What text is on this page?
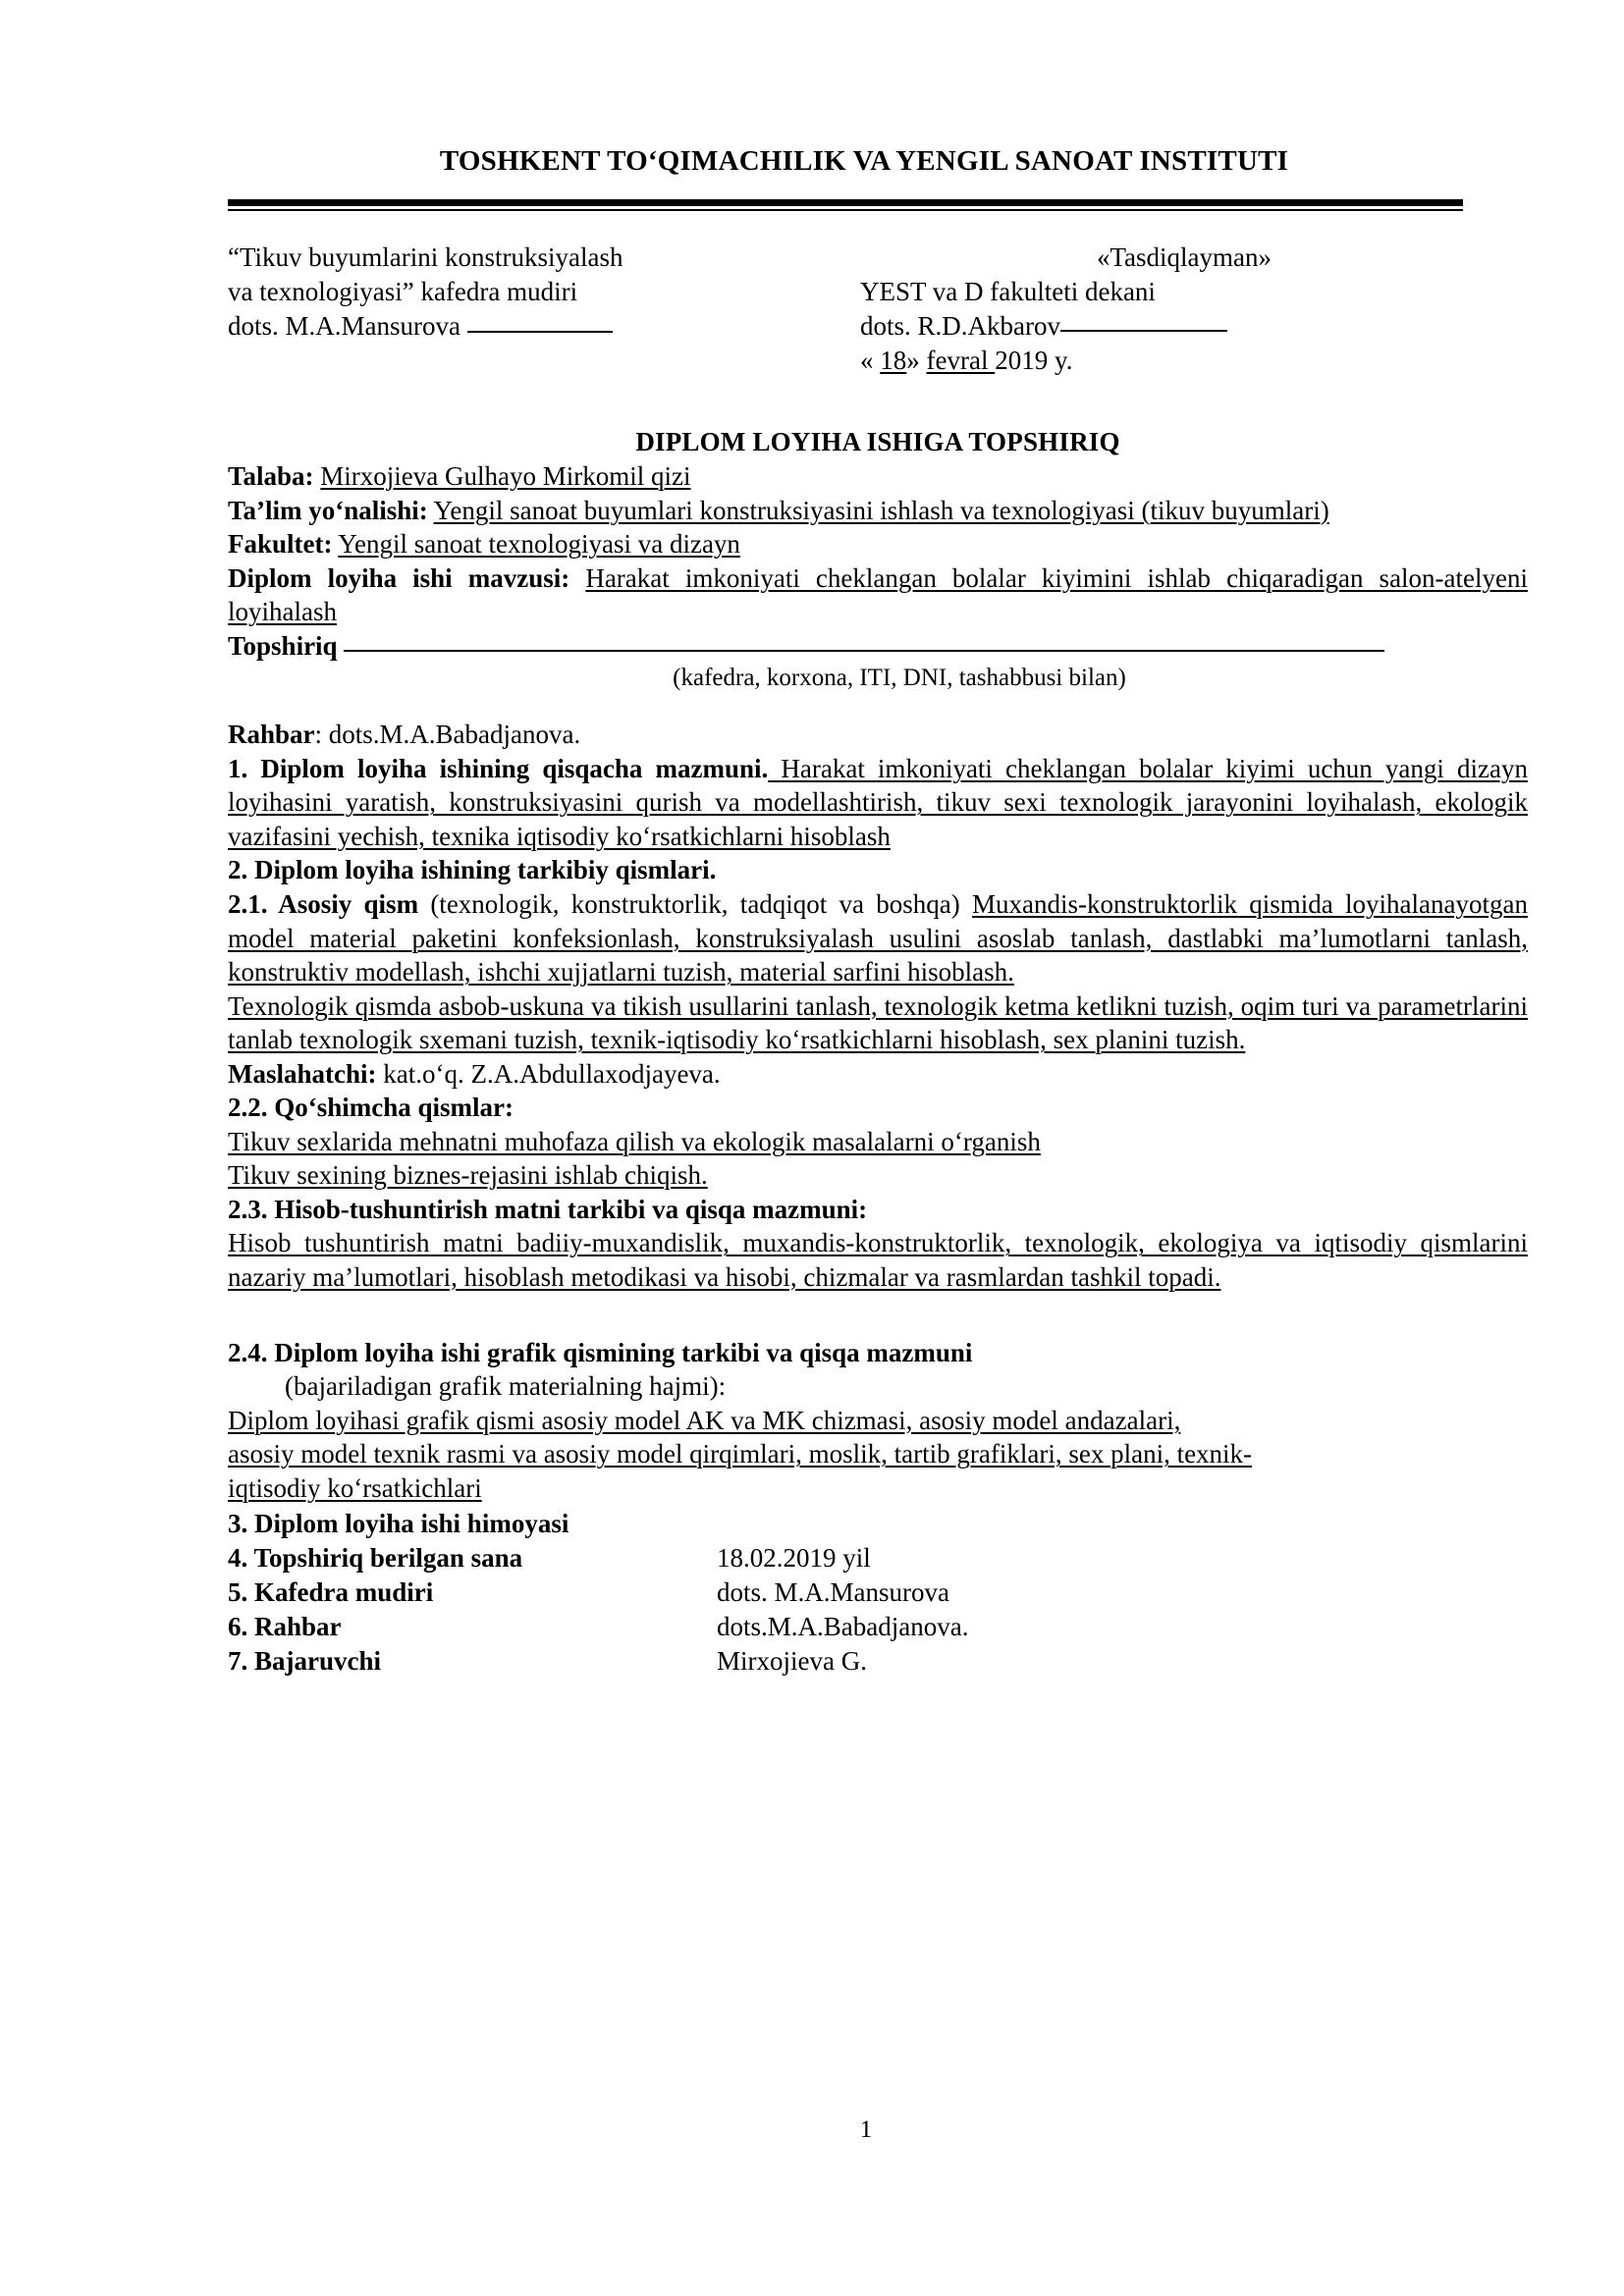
TOSHKENT TO‘QIMACHILIK VA YENGIL SANOAT INSTITUTI
“Tikuv buyumlarini konstruksiyalash
va texnologiyasi” kafedra mudiri
dots. M.A.Mansurova
«Tasdiqlayman»
YEST va D fakulteti dekani
dots. R.D.Akbarov
« 18» fevral 2019 y.
DIPLOM LOYIHA ISHIGA TOPSHIRIQ

Talaba: Mirxojieva Gulhayo Mirkomil qizi

Ta’lim yo‘nalishi: Yengil sanoat buyumlari konstruksiyasini ishlash va texnologiyasi (tikuv buyumlari)

Fakultet: Yengil sanoat texnologiyasi va dizayn

Diplom loyiha ishi mavzusi: Harakat imkoniyati cheklangan bolalar kiyimini ishlab chiqaradigan salon-atelyeni loyihalash

Topshiriq
(kafedra, korxona, ITI, DNI, tashabbusi bilan)

Rahbar: dots.M.A.Babadjanova.

1. Diplom loyiha ishining qisqacha mazmuni. Harakat imkoniyati cheklangan bolalar kiyimi uchun yangi dizayn loyihasini yaratish, konstruksiyasini qurish va modellashtirish, tikuv sexi texnologik jarayonini loyihalash, ekologik vazifasini yechish, texnika iqtisodiy ko‘rsatkichlarni hisoblash

2. Diplom loyiha ishining tarkibiy qismlari.

2.1. Asosiy qism (texnologik, konstruktorlik, tadqiqot va boshqa) Muxandis-konstruktorlik qismida loyihalanayotgan model material paketini konfeksionlash, konstruksiyalash usulini asoslab tanlash, dastlabki ma’lumotlarni tanlash, konstruktiv modellash, ishchi xujjatlarni tuzish, material sarfini hisoblash.

Texnologik qismda asbob-uskuna va tikish usullarini tanlash, texnologik ketma ketlikni tuzish, oqim turi va parametrlarini tanlab texnologik sxemani tuzish, texnik-iqtisodiy ko‘rsatkichlarni hisoblash, sex planini tuzish.

Maslahatchi: kat.o‘q. Z.A.Abdullaxodjayeva.

2.2. Qo‘shimcha qismlar:

Tikuv sexlarida mehnatni muhofaza qilish va ekologik masalalarni o‘rganish

Tikuv sexining biznes-rejasini ishlab chiqish.

2.3. Hisob-tushuntirish matni tarkibi va qisqa mazmuni:

Hisob tushuntirish matni badiiy-muxandislik, muxandis-konstruktorlik, texnologik, ekologiya va iqtisodiy qismlarini nazariy ma’lumotlari, hisoblash metodikasi va hisobi, chizmalar va rasmlardan tashkil topadi.

2.4. Diplom loyiha ishi grafik qismining tarkibi va qisqa mazmuni

(bajariladigan grafik materialning hajmi):

Diplom loyihasi grafik qismi asosiy model AK va MK chizmasi, asosiy model andazalari,

asosiy model texnik rasmi va asosiy model qirqimlari, moslik, tartib grafiklari, sex plani, texnik-

iqtisodiy ko‘rsatkichlari

3. Diplom loyiha ishi himoyasi
4. Topshiriq berilgan sana	18.02.2019 yil
5. Kafedra mudiri	dots. M.A.Mansurova
6. Rahbar	dots.M.A.Babadjanova.
7. Bajaruvchi	Mirxojieva G.
1
